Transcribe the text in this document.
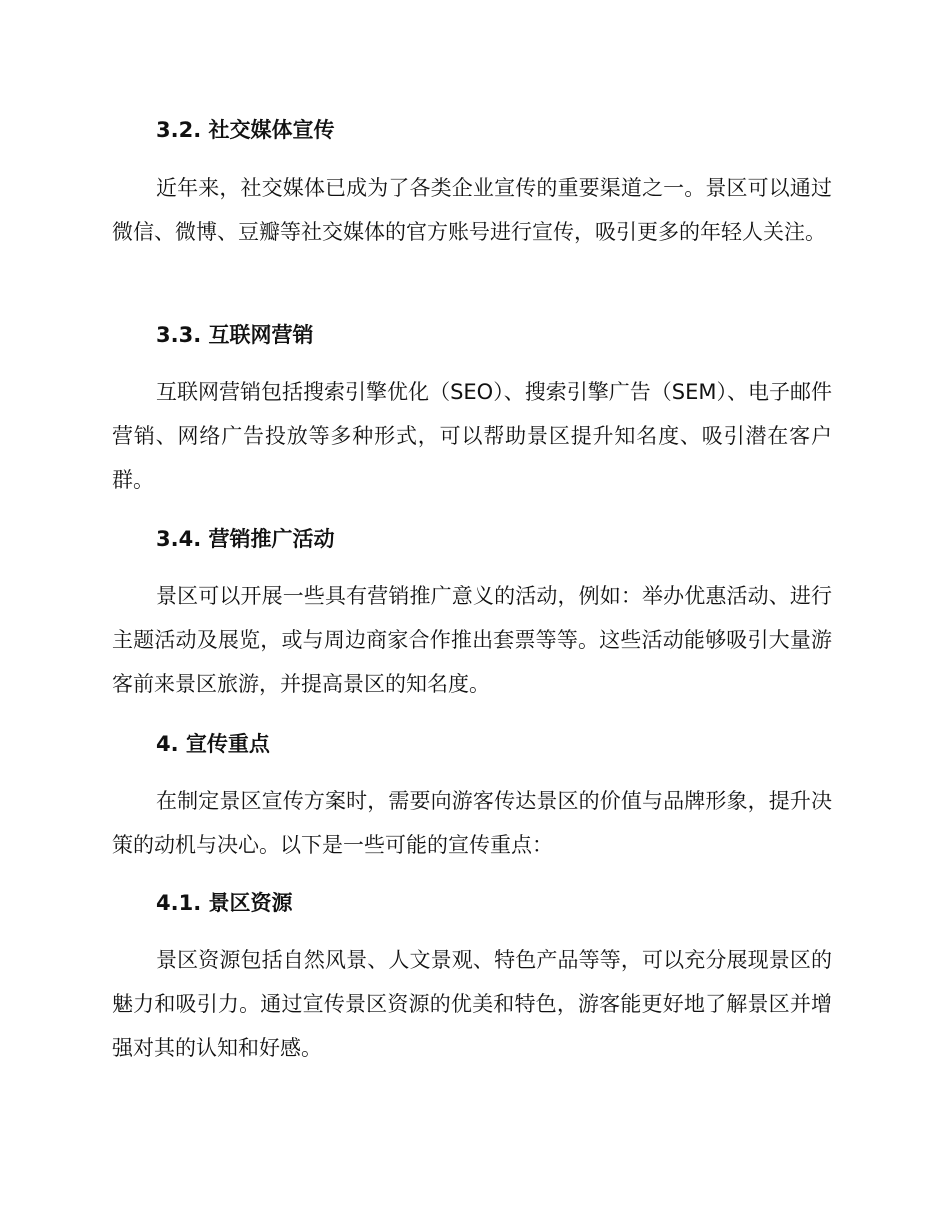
3.2. 社交媒体宣传

近年来，社交媒体已成为了各类企业宣传的重要渠道之一。景区可以通过微信、微博、豆瓣等社交媒体的官方账号进行宣传，吸引更多的年轻人关注。

3.3. 互联网营销

互联网营销包括搜索引擎优化（SEO）、搜索引擎广告（SEM）、电子邮件营销、网络广告投放等多种形式，可以帮助景区提升知名度、吸引潜在客户群。

3.4. 营销推广活动

景区可以开展一些具有营销推广意义的活动，例如：举办优惠活动、进行主题活动及展览，或与周边商家合作推出套票等等。这些活动能够吸引大量游客前来景区旅游，并提高景区的知名度。

4. 宣传重点

在制定景区宣传方案时，需要向游客传达景区的价值与品牌形象，提升决策的动机与决心。以下是一些可能的宣传重点：

4.1. 景区资源

景区资源包括自然风景、人文景观、特色产品等等，可以充分展现景区的魅力和吸引力。通过宣传景区资源的优美和特色，游客能更好地了解景区并增强对其的认知和好感。
